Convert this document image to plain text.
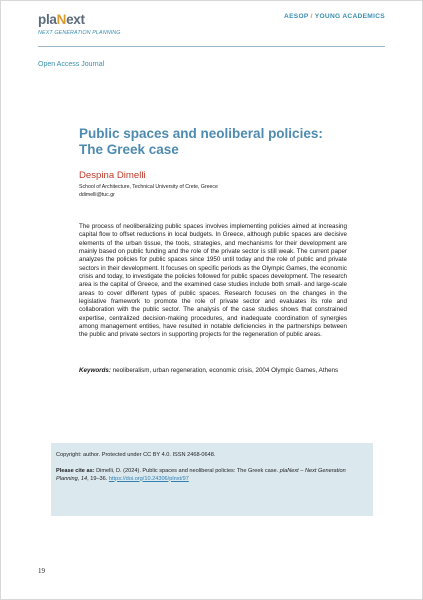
plaNext
NEXT GENERATION PLANNING
AESOP / YOUNG ACADEMICS
Open Access Journal
Public spaces and neoliberal policies:
The Greek case
Despina Dimelli
School of Architecture, Technical University of Crete, Greece
ddimelli@tuc.gr
The process of neoliberalizing public spaces involves implementing policies aimed at increasing capital flow to offset reductions in local budgets. In Greece, although public spaces are decisive elements of the urban tissue, the tools, strategies, and mechanisms for their development are mainly based on public funding and the role of the private sector is still weak. The current paper analyzes the policies for public spaces since 1950 until today and the role of public and private sectors in their development. It focuses on specific periods as the Olympic Games, the economic crisis and today, to investigate the policies followed for public spaces development. The research area is the capital of Greece, and the examined case studies include both small- and large-scale areas to cover different types of public spaces. Research focuses on the changes in the legislative framework to promote the role of private sector and evaluates its role and collaboration with the public sector. The analysis of the case studies shows that constrained expertise, centralized decision-making procedures, and inadequate coordination of synergies among management entities, have resulted in notable deficiencies in the partnerships between the public and private sectors in supporting projects for the regeneration of public areas.
Keywords: neoliberalism, urban regeneration, economic crisis, 2004 Olympic Games, Athens
Copyright: author. Protected under CC BY 4.0. ISSN 2468-0648.
Please cite as: Dimelli, D. (2024). Public spaces and neoliberal policies: The Greek case. plaNext – Next Generation Planning, 14, 19–36. https://doi.org/10.24306/plnxt/97
19
